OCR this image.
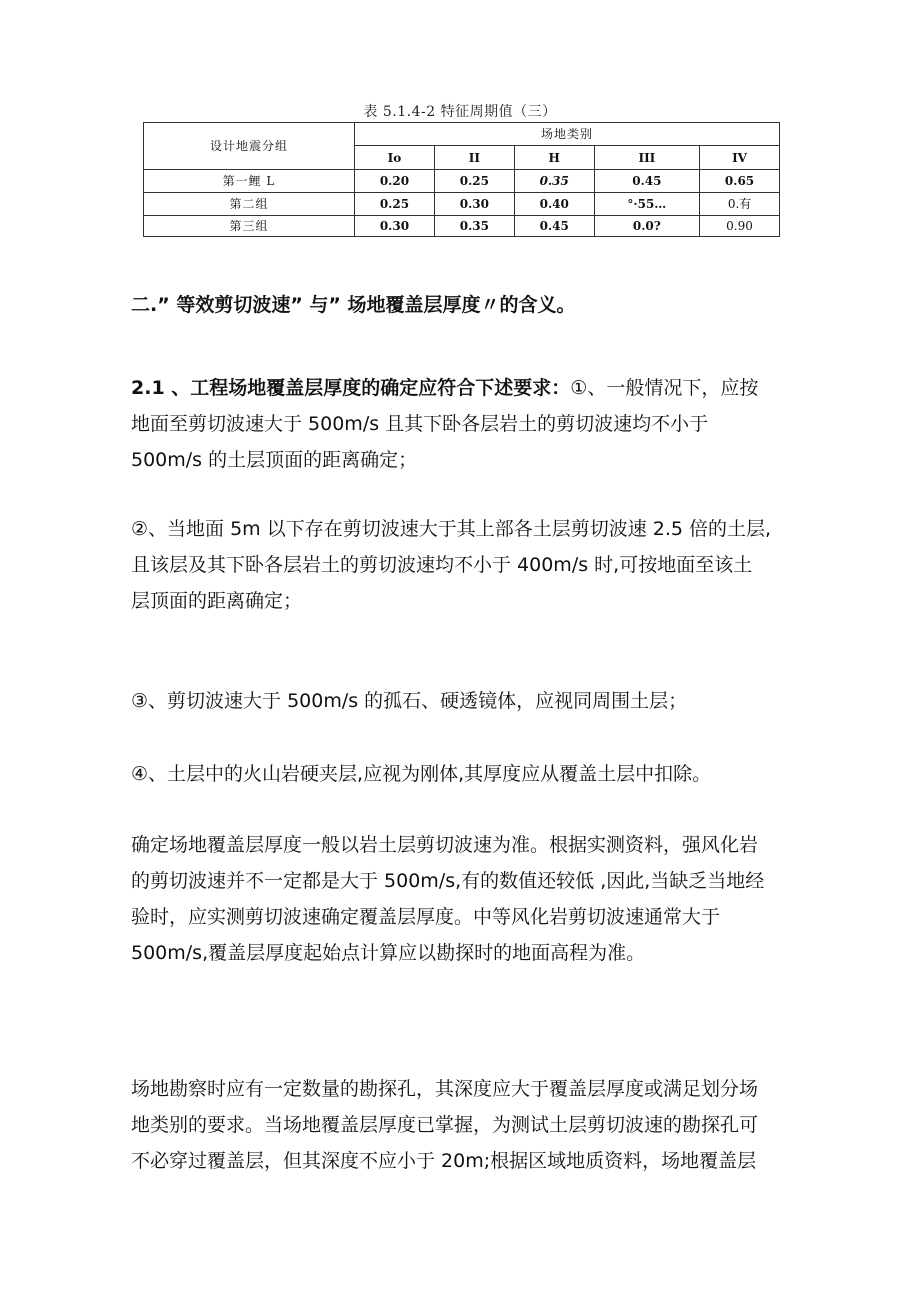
表 5.1.4-2 特征周期值（三）
设计地震分组	场地类别				
	Io	II	H	III	IV
第一鲤 L	0.20	0.25	0.35	0.45	0.65
第二组	0.25	0.30	0.40	°·55…	0.有
第三组	0.30	0.35	0.45	0.0?	0.90
二.” 等效剪切波速” 与” 场地覆盖层厚度〃的含义。
2.1 、工程场地覆盖层厚度的确定应符合下述要求：①、一般情况下，应按
地面至剪切波速大于 500m∕s 且其下卧各层岩土的剪切波速均不小于
500m∕s 的土层顶面的距离确定；
②、当地面 5m 以下存在剪切波速大于其上部各土层剪切波速 2.5 倍的土层,
且该层及其下卧各层岩土的剪切波速均不小于 400m∕s 时,可按地面至该土
层顶面的距离确定；
③、剪切波速大于 500m∕s 的孤石、硬透镜体，应视同周围土层；
④、土层中的火山岩硬夹层,应视为刚体,其厚度应从覆盖土层中扣除。
确定场地覆盖层厚度一般以岩土层剪切波速为准。根据实测资料，强风化岩
的剪切波速并不一定都是大于 500m∕s,有的数值还较低 ,因此,当缺乏当地经
验时，应实测剪切波速确定覆盖层厚度。中等风化岩剪切波速通常大于
500m∕s,覆盖层厚度起始点计算应以勘探时的地面高程为准。
场地勘察时应有一定数量的勘探孔，其深度应大于覆盖层厚度或满足划分场
地类别的要求。当场地覆盖层厚度已掌握，为测试土层剪切波速的勘探孔可
不必穿过覆盖层，但其深度不应小于 20m;根据区域地质资料，场地覆盖层
